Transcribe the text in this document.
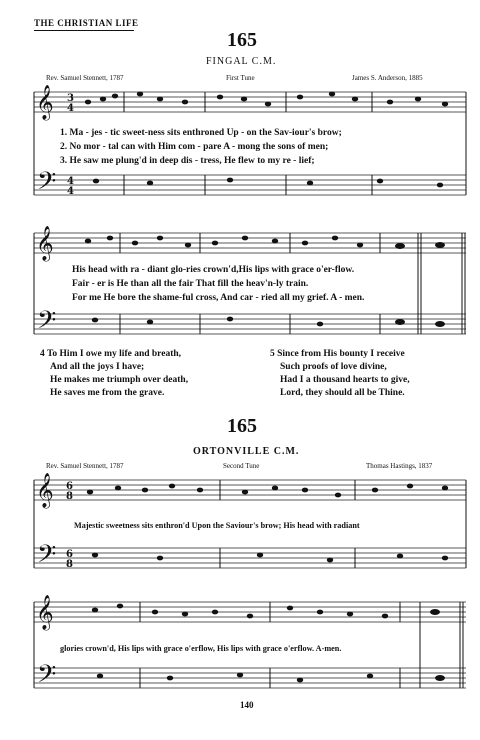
THE CHRISTIAN LIFE
165
FINGAL C.M.
Rev. Samuel Stennett, 1787	First Tune	James S. Anderson, 1885
𝄞 3
4
𝄢 4
4
𝄞
𝄢
𝄞 6
8
𝄢 6
8
𝄞
𝄢
1. Ma - jes - tic sweet-ness sits enthroned Up - on the Sav-iour's brow;
2. No mor - tal can with Him com - pare A - mong the sons of men;
3. He saw me plung'd in deep dis - tress, He flew to my re - lief;
His head with ra - diant glo-ries crown'd,His lips with grace o'er-flow.
Fair - er is He than all the fair That fill the heav'n-ly train.
For me He bore the shame-ful cross, And car - ried all my grief. A - men.
4 To Him I owe my life and breath,
And all the joys I have;
He makes me triumph over death,
He saves me from the grave.
5 Since from His bounty I receive
Such proofs of love divine,
Had I a thousand hearts to give,
Lord, they should all be Thine.
165
ORTONVILLE C.M.
Rev. Samuel Stennett, 1787	Second Tune	Thomas Hastings, 1837
Majestic sweetness sits enthron'd Upon the Saviour's brow; His head with radiant
glories crown'd, His lips with grace o'erflow, His lips with grace o'erflow. A-men.
140
